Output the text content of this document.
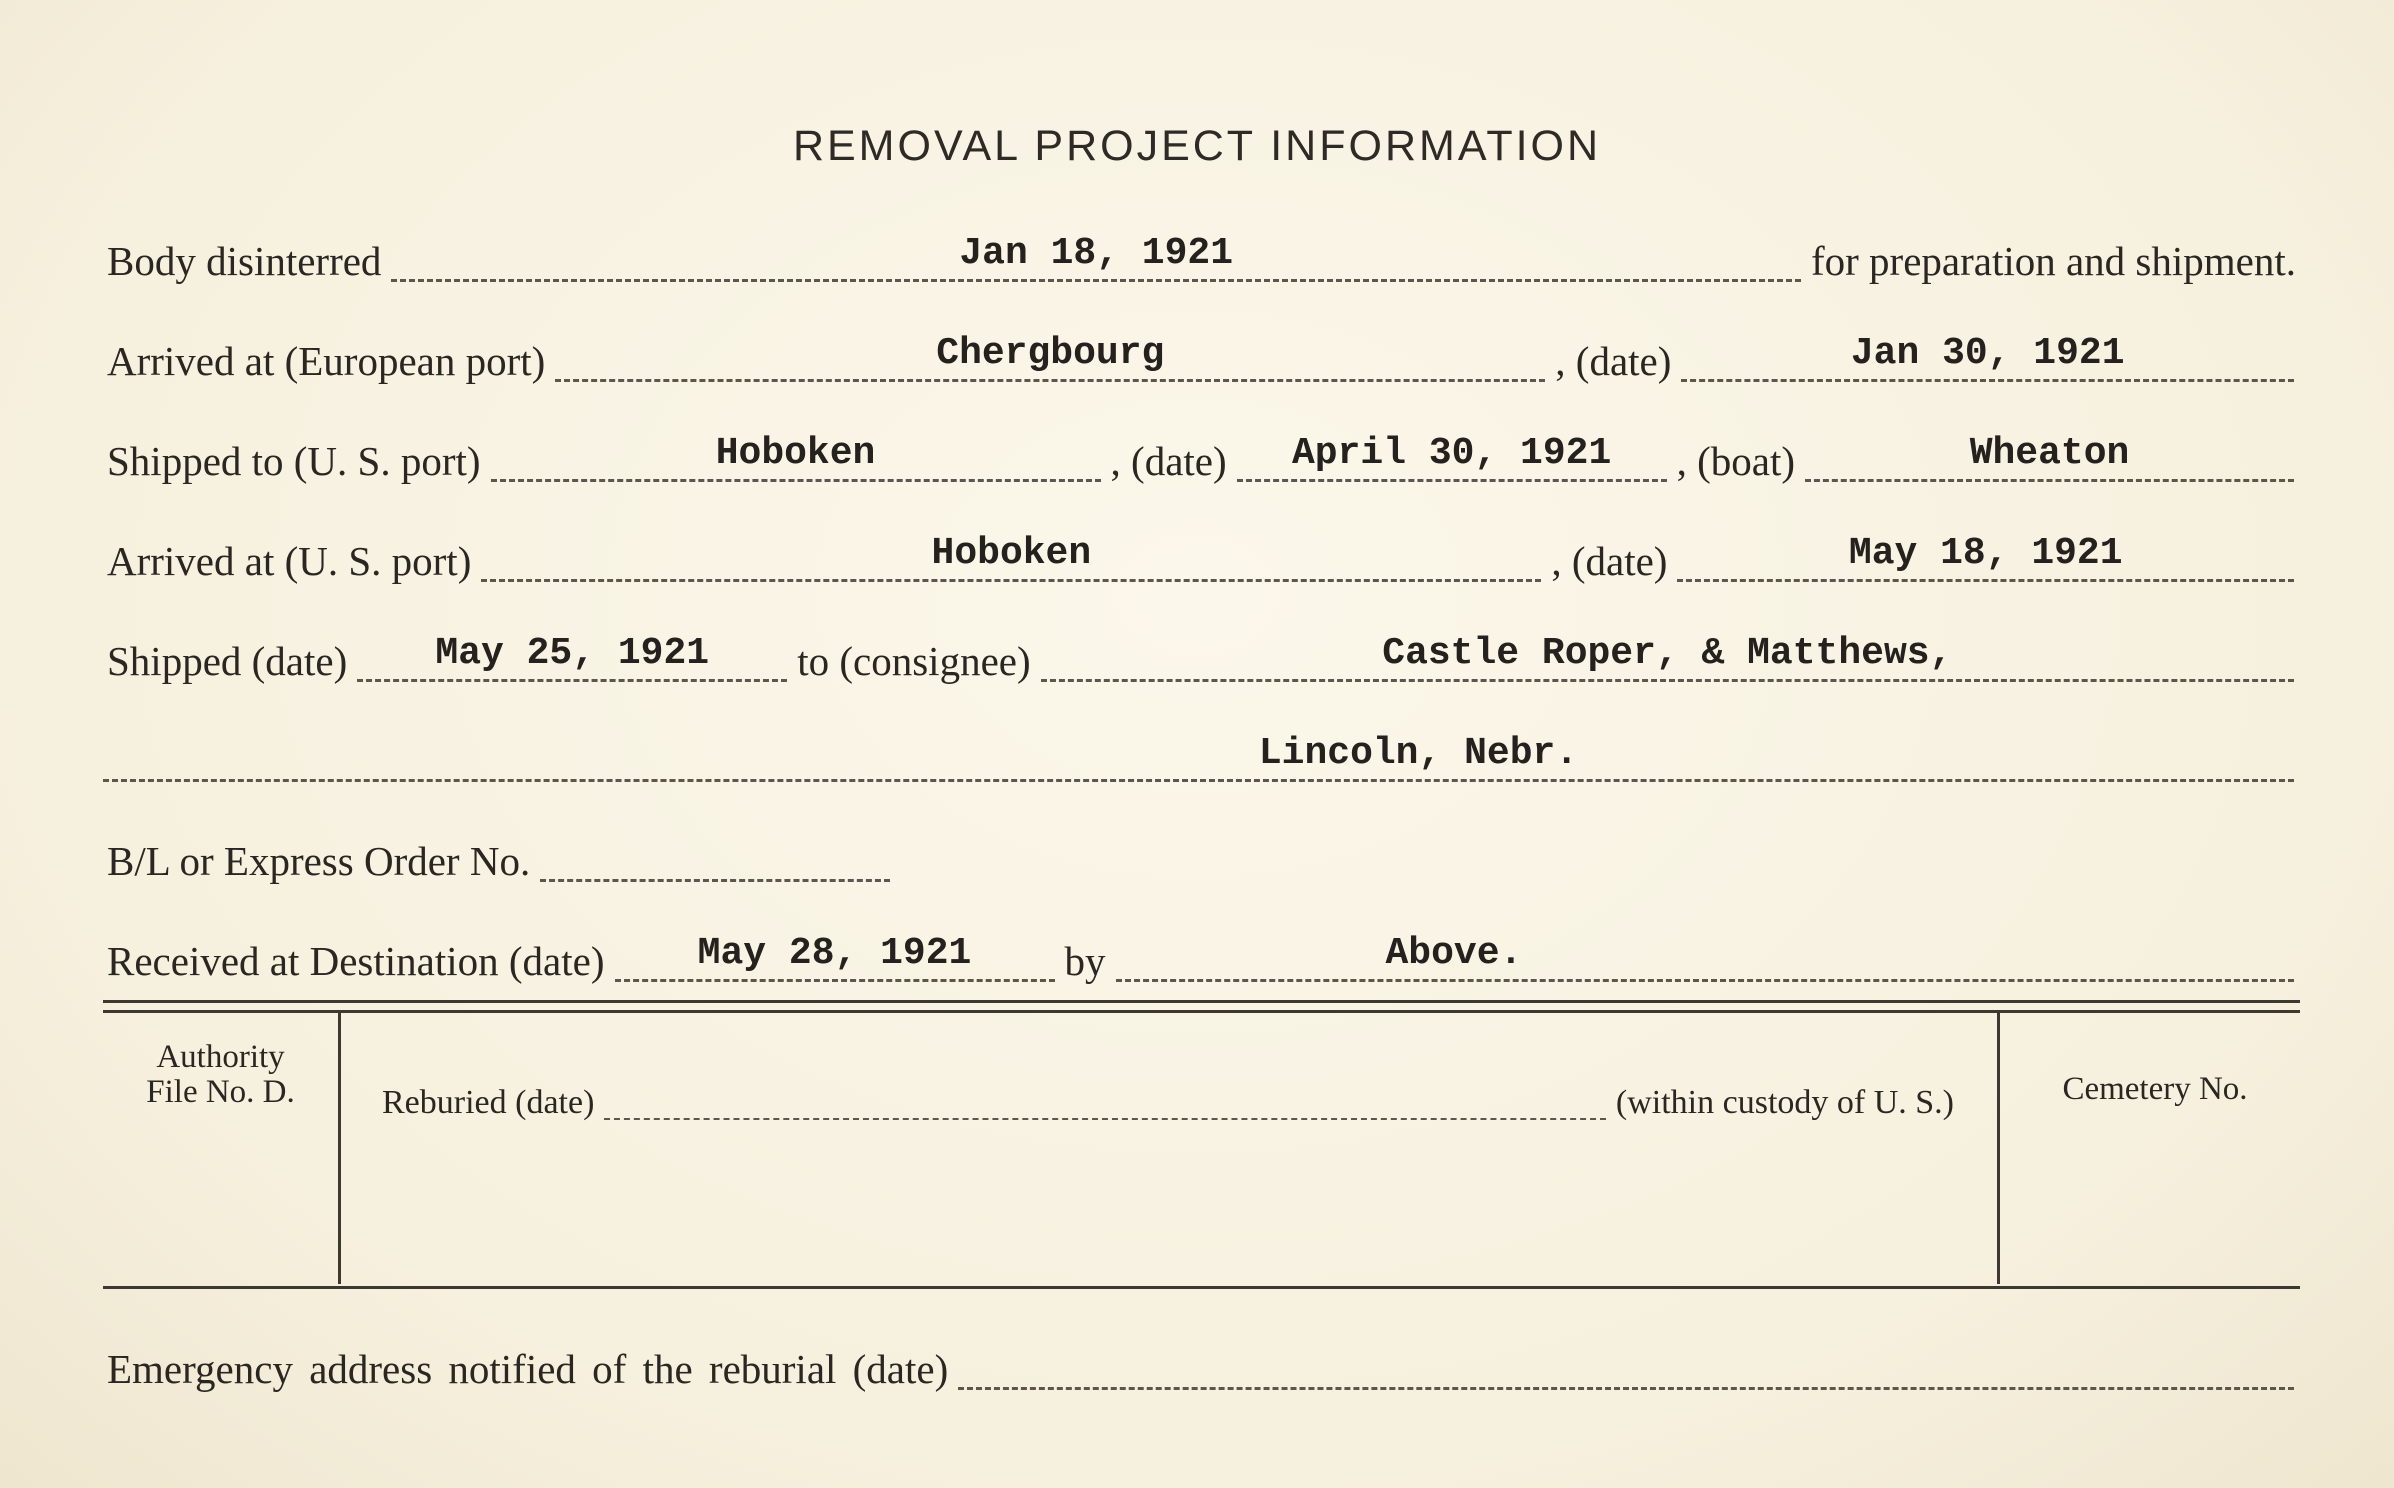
REMOVAL PROJECT INFORMATION
Body disinterred	Jan 18, 1921	for preparation and shipment.
Arrived at (European port)	Chergbourg	, (date)	Jan 30, 1921
Shipped to (U. S. port)	Hoboken	, (date)	April 30, 1921	, (boat)	Wheaton
Arrived at (U. S. port)	Hoboken	, (date)	May 18, 1921
Shipped (date)	May 25, 1921	to (consignee)	Castle Roper, & Matthews,
Lincoln, Nebr.
B/L or Express Order No.
Received at Destination (date)	May 28, 1921	by	Above.
Authority
File No. D.	Reburied (date)	(within custody of U. S.)	Cemetery No.
Emergency address notified of the reburial (date)
